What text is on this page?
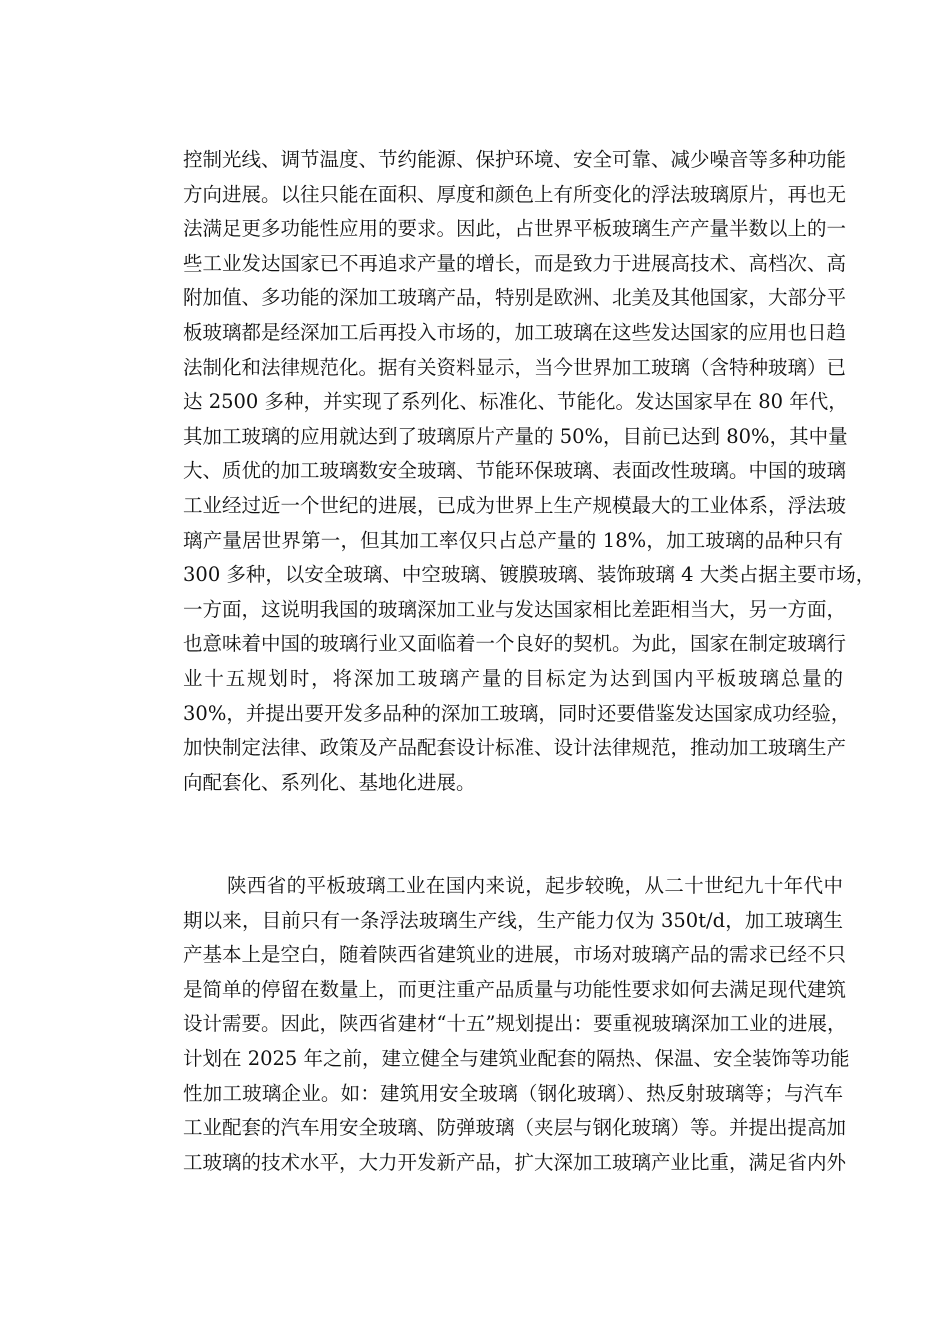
控制光线、调节温度、节约能源、保护环境、安全可靠、减少噪音等多种功能
方向进展。以往只能在面积、厚度和颜色上有所变化的浮法玻璃原片，再也无
法满足更多功能性应用的要求。因此，占世界平板玻璃生产产量半数以上的一
些工业发达国家已不再追求产量的增长，而是致力于进展高技术、高档次、高
附加值、多功能的深加工玻璃产品，特别是欧洲、北美及其他国家，大部分平
板玻璃都是经深加工后再投入市场的，加工玻璃在这些发达国家的应用也日趋
法制化和法律规范化。据有关资料显示，当今世界加工玻璃（含特种玻璃）已
达 2500 多种，并实现了系列化、标准化、节能化。发达国家早在 80 年代，
其加工玻璃的应用就达到了玻璃原片产量的 50%，目前已达到 80%，其中量
大、质优的加工玻璃数安全玻璃、节能环保玻璃、表面改性玻璃。中国的玻璃
工业经过近一个世纪的进展，已成为世界上生产规模最大的工业体系，浮法玻
璃产量居世界第一，但其加工率仅只占总产量的 18%，加工玻璃的品种只有
300 多种，以安全玻璃、中空玻璃、镀膜玻璃、装饰玻璃 4 大类占据主要市场，
一方面，这说明我国的玻璃深加工业与发达国家相比差距相当大，另一方面，
也意味着中国的玻璃行业又面临着一个良好的契机。为此，国家在制定玻璃行
业十五规划时，将深加工玻璃产量的目标定为达到国内平板玻璃总量的
30%，并提出要开发多品种的深加工玻璃，同时还要借鉴发达国家成功经验，
加快制定法律、政策及产品配套设计标准、设计法律规范，推动加工玻璃生产
向配套化、系列化、基地化进展。
陕西省的平板玻璃工业在国内来说，起步较晚，从二十世纪九十年代中
期以来，目前只有一条浮法玻璃生产线，生产能力仅为 350t/d，加工玻璃生
产基本上是空白，随着陕西省建筑业的进展，市场对玻璃产品的需求已经不只
是简单的停留在数量上，而更注重产品质量与功能性要求如何去满足现代建筑
设计需要。因此，陕西省建材“十五”规划提出：要重视玻璃深加工业的进展，
计划在 2025 年之前，建立健全与建筑业配套的隔热、保温、安全装饰等功能
性加工玻璃企业。如：建筑用安全玻璃（钢化玻璃）、热反射玻璃等；与汽车
工业配套的汽车用安全玻璃、防弹玻璃（夹层与钢化玻璃）等。并提出提高加
工玻璃的技术水平，大力开发新产品，扩大深加工玻璃产业比重，满足省内外
